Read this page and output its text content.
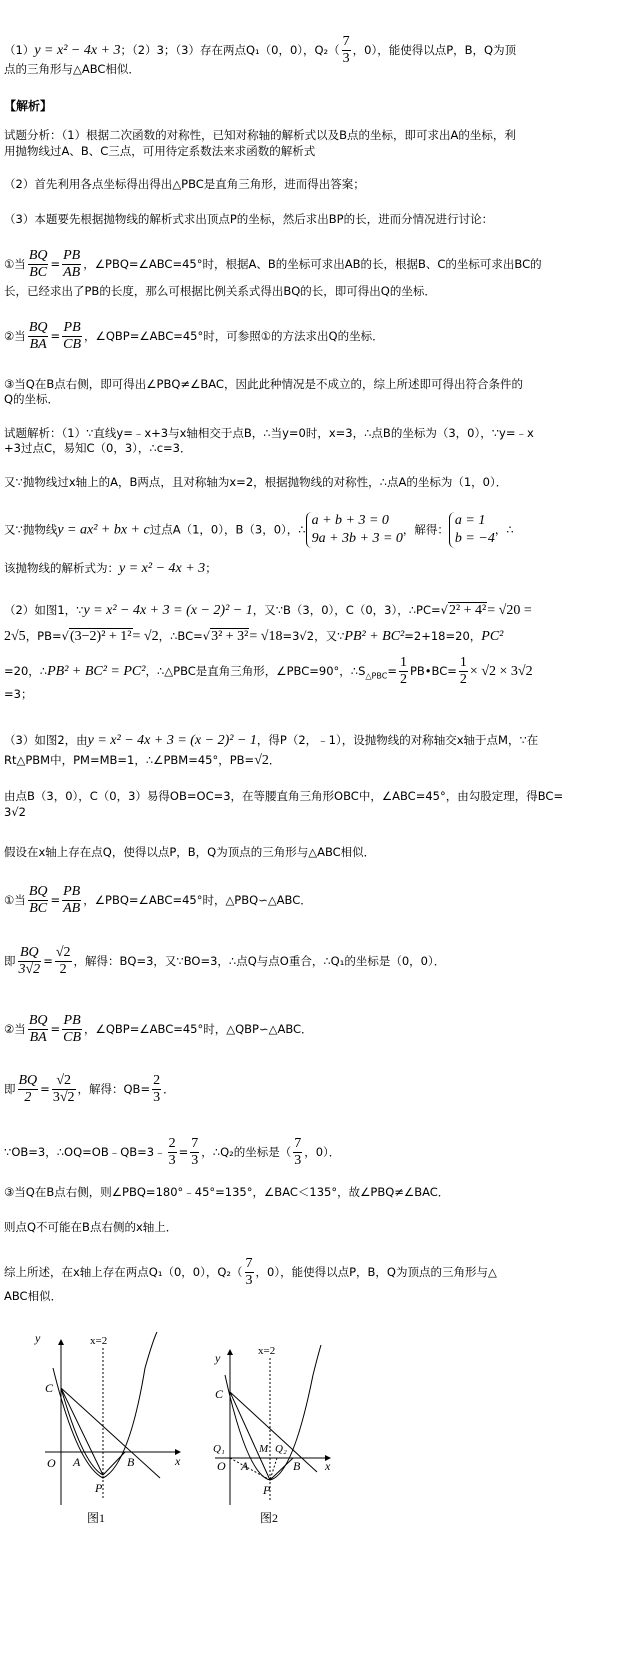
（1）y = x² − 4x + 3；（2）3；（3）存在两点Q₁（0，0），$Q_2( \frac{7}{3}$ ，0），能使得以点P，B，Q为顶
点的三角形与△ABC相似．
【解析】
试题分析：（1）根据二次函数的对称性，已知对称轴的解析式以及B点的坐标，即可求出A的坐标，利
用抛物线过A、B、C三点，可用待定系数法来求函数的解析式
（2）首先利用各点坐标得出得出△PBC是直角三角形，进而得出答案；
（3）本题要先根据抛物线的解析式求出顶点P的坐标，然后求出BP的长，进而分情况进行讨论：
①当 $\frac{BQ}{BC} = \frac{PB}{AB}$ ，∠PBQ=∠ABC=45°时，根据A、B的坐标可求出AB的长，根据B、C的坐标可求出BC的
长，已经求出了PB的长度，那么可根据比例关系式得出BQ的长，即可得出Q的坐标．
②当 $\frac{BQ}{BA} = \frac{PB}{CB}$ ，∠QBP=∠ABC=45°时，可参照①的方法求出Q的坐标．
③当Q在B点右侧，即可得出∠PBQ≠∠BAC，因此此种情况是不成立的，综上所述即可得出符合条件的
Q的坐标．
试题解析：（1）∵直线y=﹣x+3与x轴相交于点B，∴当y=0时，x=3，∴点B的坐标为（3，0），∵y=﹣x
+3过点C，易知C（0，3），∴c=3．
又∵抛物线过x轴上的A，B两点，且对称轴为x=2，根据抛物线的对称性，∴点A的坐标为（1，0）．
又∵抛物线y = ax² + bx + c过点A（1，0），B（3，0），∴a + b + 3 = 0
9a + 3b + 3 = 0，解得：a = 1
b = −4，∴
该抛物线的解析式为：y = x² − 4x + 3；
（2）如图1，∵y = x² − 4x + 3 = (x − 2)² − 1，又∵B（3，0），C（0，3），∴PC=√2² + 4²= √20 =
2√5，PB=√(3−2)² + 1²= √2，∴BC=√3² + 3²= √18=3√2，又∵PB² + BC²=2+18=20，PC²
=20，∴PB² + BC² = PC²，∴△PBC是直角三角形，∠PBC=90°，$\therefore S_{\triangle PBC}= \frac{1}{2}$ PB•BC= $\frac{1}{2} \times √2 \times 3√2$
=3；
（3）如图2，由y = x² − 4x + 3 = (x − 2)² − 1，得P（2，﹣1），设抛物线的对称轴交x轴于点M，∵在
Rt△PBM中，PM=MB=1，∴∠PBM=45°，PB=√2．
由点B（3，0），C（0，3）易得OB=OC=3，在等腰直角三角形OBC中，∠ABC=45°，由勾股定理，得BC=
3√2
假设在x轴上存在点Q，使得以点P，B，Q为顶点的三角形与△ABC相似．
①当 $\frac{BQ}{BC} = \frac{PB}{AB}$ ，∠PBQ=∠ABC=45°时，△PBQ∽△ABC．
即 $\frac{BQ}{3√2} = \frac{√2}{2}$ ，解得：BQ=3，又∵BO=3，∴点Q与点O重合，∴Q₁的坐标是（0，0）．
②当 $\frac{BQ}{BA} = \frac{PB}{CB}$ ，∠QBP=∠ABC=45°时，△QBP∽△ABC．
即 $\frac{BQ}{2} = \frac{√2}{3√2}$ ，解得：$QB= \frac{2}{3}$ ．
∵OB=3，∴OQ=OB﹣QB=3﹣ $\frac{2}{3} = \frac{7}{3}$ ，∴Q₂的坐标是（ $\frac{7}{3}$ ，0）．
③当Q在B点右侧，则∠PBQ=180°﹣45°=135°，∠BAC＜135°，故∠PBQ≠∠BAC．
则点Q不可能在B点右侧的x轴上．
综上所述，在x轴上存在两点Q₁（0，0），$Q_2( \frac{7}{3}$ ，0），能使得以点P，B，Q为顶点的三角形与△
ABC相似．
y
x
x=2
C
O A
P
B
图1
y
x
x=2
C
Q₁
O A
M Q₂
B
P
图2
